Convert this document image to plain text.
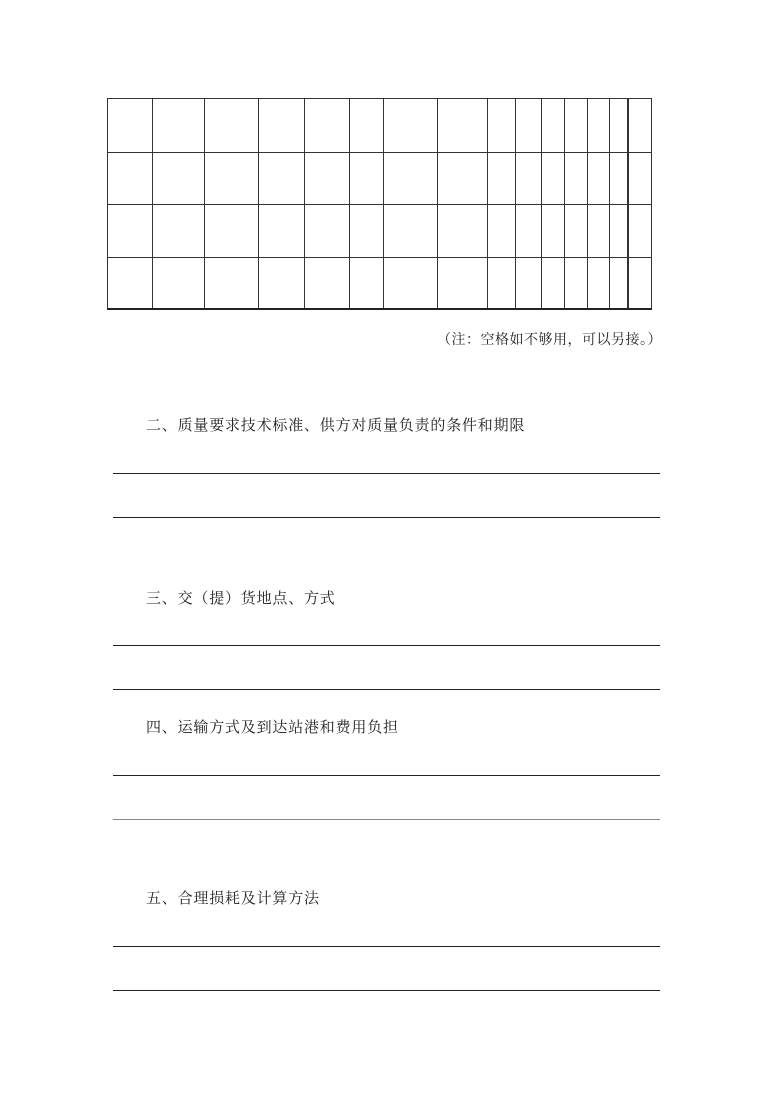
（注：空格如不够用，可以另接。）
二、质量要求技术标准、供方对质量负责的条件和期限
三、交（提）货地点、方式
四、运输方式及到达站港和费用负担
五、合理损耗及计算方法
